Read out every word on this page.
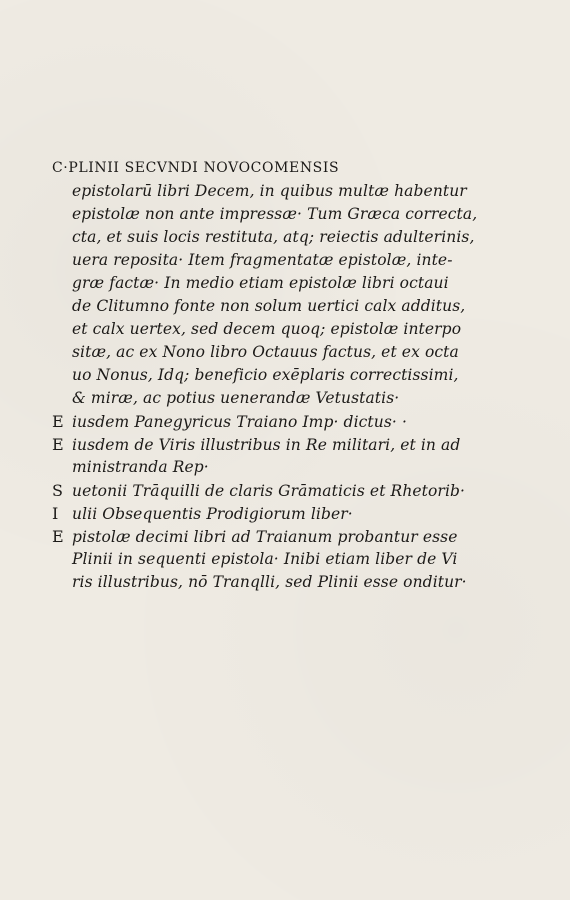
C·PLINII SECVNDI NOVOCOMENSIS
epistolarū libri Decem, in quibus multæ habentur
epistolæ non ante impressæ· Tum Græca correcta,
cta, et suis locis restituta, atq; reiectis adulterinis,
uera reposita· Item fragmentatæ epistolæ, inte-
græ factæ· In medio etiam epistolæ libri octaui
de Clitumno fonte non solum uertici calx additus,
et calx uertex, sed decem quoq; epistolæ interpo
sitæ, ac ex Nono libro Octauus factus, et ex octa
uo Nonus, Idq; beneficio exēplaris correctissimi,
& miræ, ac potius uenerandæ Vetustatis·
E iusdem Panegyricus Traiano Imp· dictus· ·
E iusdem de Viris illustribus in Re militari, et in ad
ministranda Rep·
S uetonii Trāquilli de claris Grāmaticis et Rhetorib·
I ulii Obsequentis Prodigiorum liber·
E pistolæ decimi libri ad Traianum probantur esse
Plinii in sequenti epistola· Inibi etiam liber de Vi
ris illustribus, nō Tranqlli, sed Plinii esse onditur·
